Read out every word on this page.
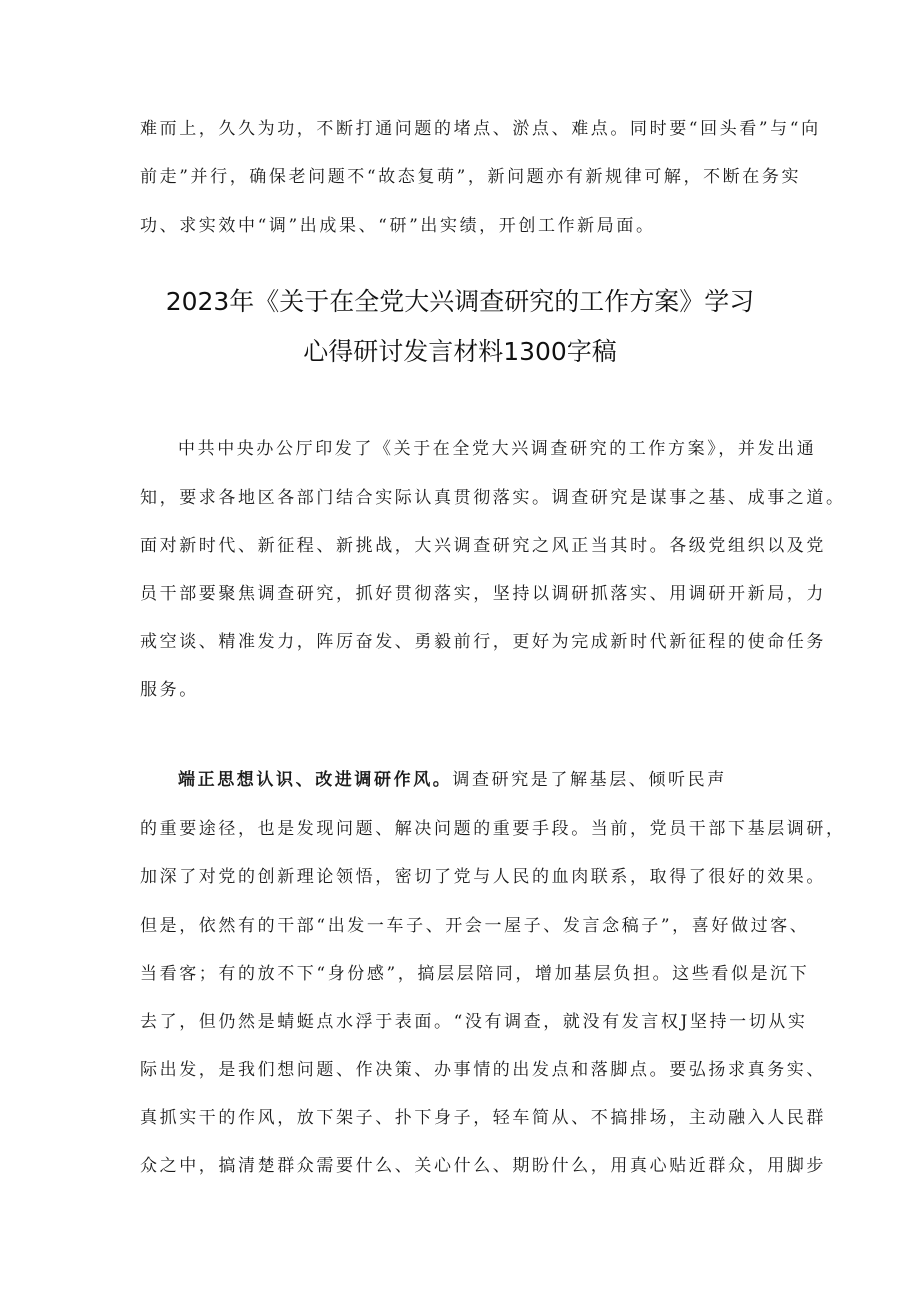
难而上，久久为功，不断打通问题的堵点、淤点、难点。同时要“回头看”与“向
前走”并行，确保老问题不“故态复萌”，新问题亦有新规律可解，不断在务实
功、求实效中“调”出成果、“研”出实绩，开创工作新局面。
2023年《关于在全党大兴调查研究的工作方案》学习
心得研讨发言材料1300字稿
中共中央办公厅印发了《关于在全党大兴调查研究的工作方案》，并发出通
知，要求各地区各部门结合实际认真贯彻落实。调查研究是谋事之基、成事之道。
面对新时代、新征程、新挑战，大兴调查研究之风正当其时。各级党组织以及党
员干部要聚焦调查研究，抓好贯彻落实，坚持以调研抓落实、用调研开新局，力
戒空谈、精准发力，阵厉奋发、勇毅前行，更好为完成新时代新征程的使命任务
服务。
端正思想认识、改进调研作风。调查研究是了解基层、倾听民声
的重要途径，也是发现问题、解决问题的重要手段。当前，党员干部下基层调研，
加深了对党的创新理论领悟，密切了党与人民的血肉联系，取得了很好的效果。
但是，依然有的干部“出发一车子、开会一屋子、发言念稿子”，喜好做过客、
当看客；有的放不下“身份感”，搞层层陪同，增加基层负担。这些看似是沉下
去了，但仍然是蜻蜓点水浮于表面。“没有调查，就没有发言权J坚持一切从实
际出发，是我们想问题、作决策、办事情的出发点和落脚点。要弘扬求真务实、
真抓实干的作风，放下架子、扑下身子，轻车简从、不搞排场，主动融入人民群
众之中，搞清楚群众需要什么、关心什么、期盼什么，用真心贴近群众，用脚步
